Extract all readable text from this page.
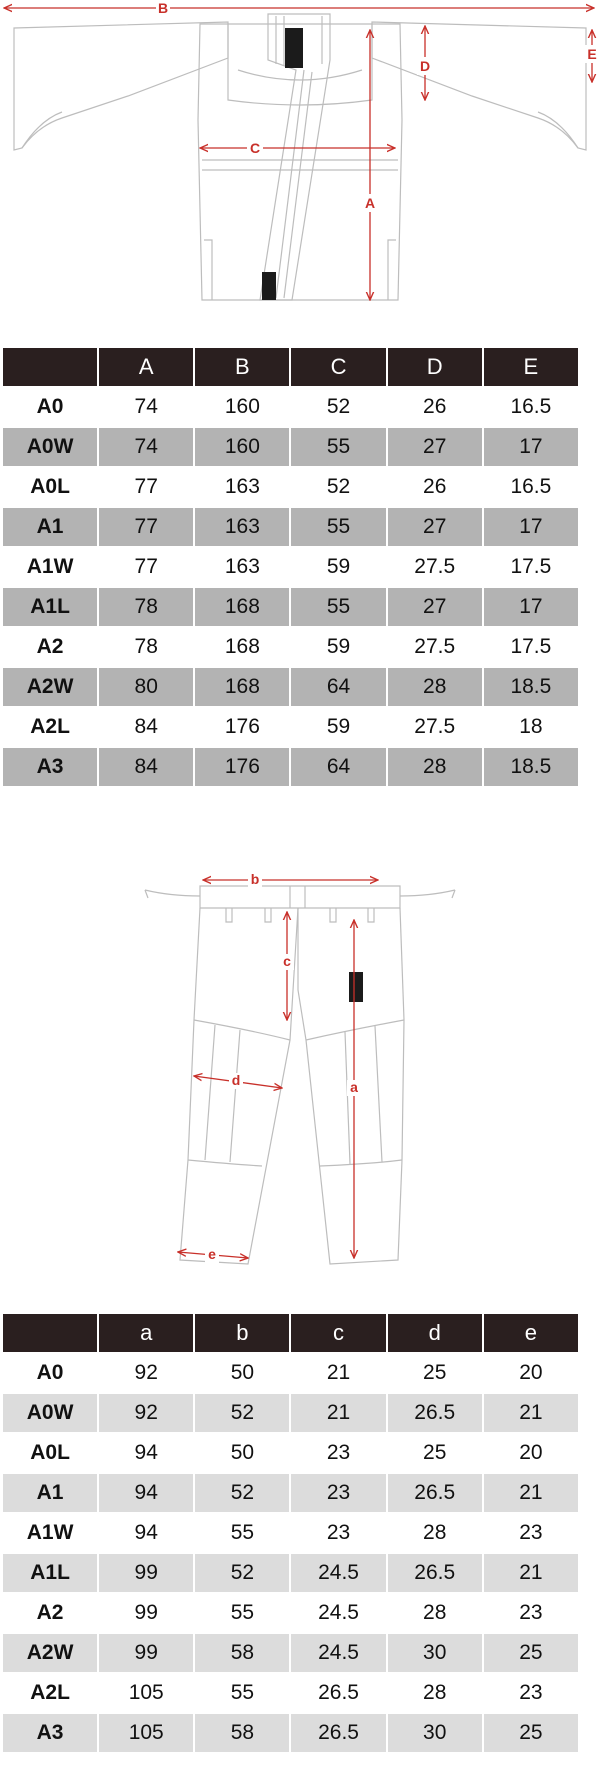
B
A
C
D
E
	A	B	C	D	E
A0	74	160	52	26	16.5
A0W	74	160	55	27	17
A0L	77	163	52	26	16.5
A1	77	163	55	27	17
A1W	77	163	59	27.5	17.5
A1L	78	168	55	27	17
A2	78	168	59	27.5	17.5
A2W	80	168	64	28	18.5
A2L	84	176	59	27.5	18
A3	84	176	64	28	18.5
b
c
d	a
e
	a	b	c	d	e
A0	92	50	21	25	20
A0W	92	52	21	26.5	21
A0L	94	50	23	25	20
A1	94	52	23	26.5	21
A1W	94	55	23	28	23
A1L	99	52	24.5	26.5	21
A2	99	55	24.5	28	23
A2W	99	58	24.5	30	25
A2L	105	55	26.5	28	23
A3	105	58	26.5	30	25
